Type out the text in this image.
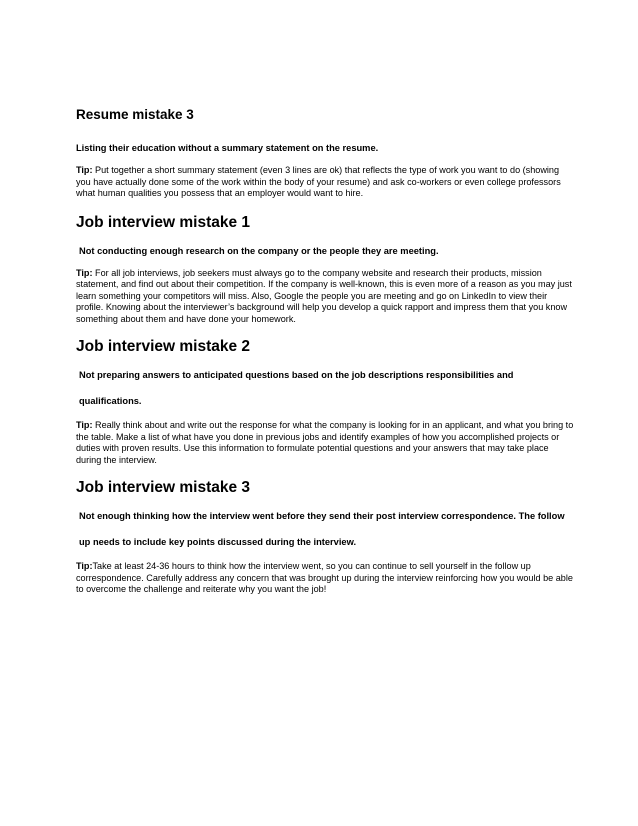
Resume mistake 3

Listing their education without a summary statement on the resume.

Tip: Put together a short summary statement (even 3 lines are ok) that reflects the type of work you want to do (showing you have actually done some of the work within the body of your resume) and ask co-workers or even college professors what human qualities you possess that an employer would want to hire.

Job interview mistake 1

Not conducting enough research on the company or the people they are meeting.

Tip: For all job interviews, job seekers must always go to the company website and research their products, mission statement, and find out about their competition. If the company is well-known, this is even more of a reason as you may just learn something your competitors will miss. Also, Google the people you are meeting and go on LinkedIn to view their profile. Knowing about the interviewer’s background will help you develop a quick rapport and impress them that you know something about them and have done your homework.

Job interview mistake 2

Not preparing answers to anticipated questions based on the job descriptions responsibilities and qualifications.

Tip: Really think about and write out the response for what the company is looking for in an applicant, and what you bring to the table. Make a list of what have you done in previous jobs and identify examples of how you accomplished projects or duties with proven results. Use this information to formulate potential questions and your answers that may take place during the interview.

Job interview mistake 3

Not enough thinking how the interview went before they send their post interview correspondence. The follow up needs to include key points discussed during the interview.

Tip:Take at least 24-36 hours to think how the interview went, so you can continue to sell yourself in the follow up correspondence. Carefully address any concern that was brought up during the interview reinforcing how you would be able to overcome the challenge and reiterate why you want the job!
